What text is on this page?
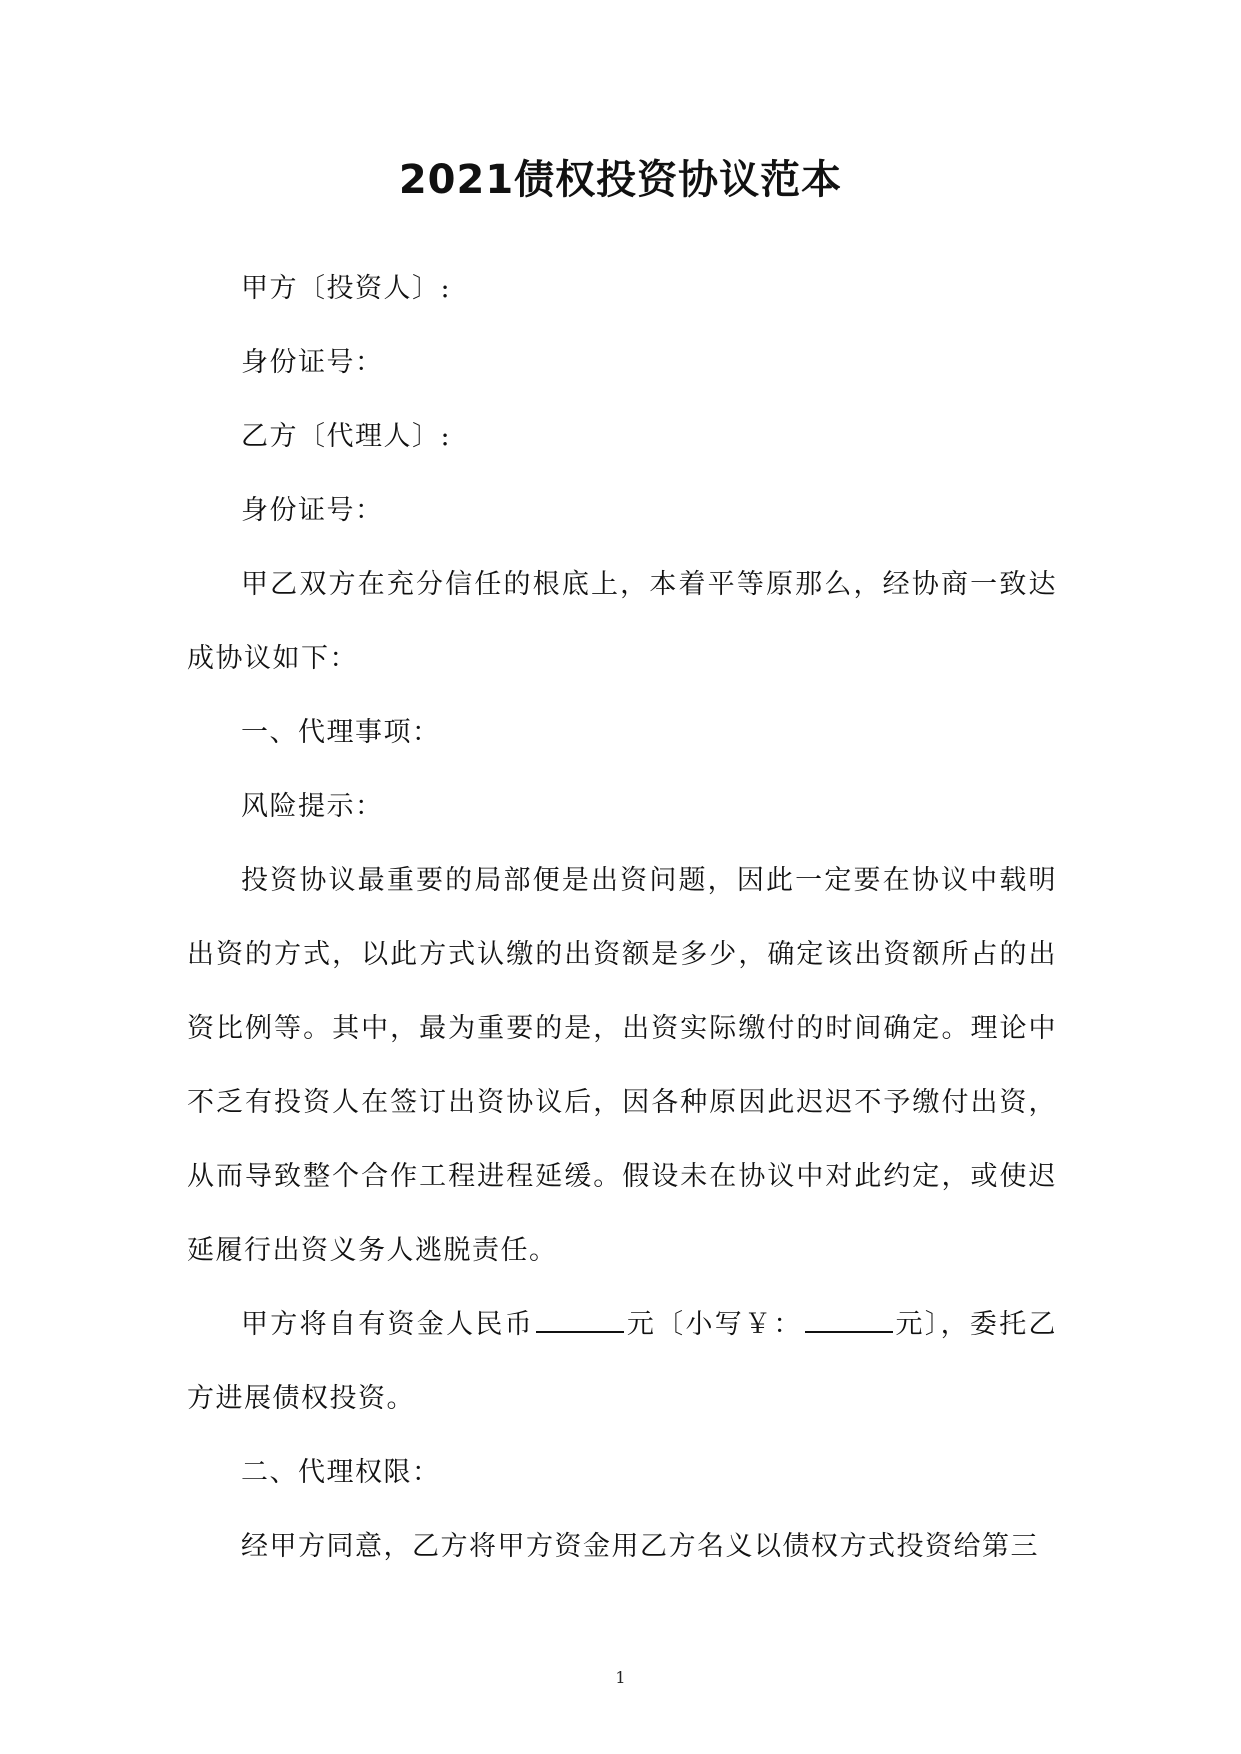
2021债权投资协议范本

甲方〔投资人〕:

身份证号：

乙方〔代理人〕:

身份证号：

甲乙双方在充分信任的根底上，本着平等原那么，经协商一致达成协议如下：

一、代理事项：

风险提示：

投资协议最重要的局部便是出资问题，因此一定要在协议中载明出资的方式，以此方式认缴的出资额是多少，确定该出资额所占的出资比例等。其中，最为重要的是，出资实际缴付的时间确定。理论中不乏有投资人在签订出资协议后，因各种原因此迟迟不予缴付出资，从而导致整个合作工程进程延缓。假设未在协议中对此约定，或使迟延履行出资义务人逃脱责任。

甲方将自有资金人民币	元〔小写￥：	元〕，委托乙方进展债权投资。

二、代理权限：

经甲方同意，乙方将甲方资金用乙方名义以债权方式投资给第三

1
